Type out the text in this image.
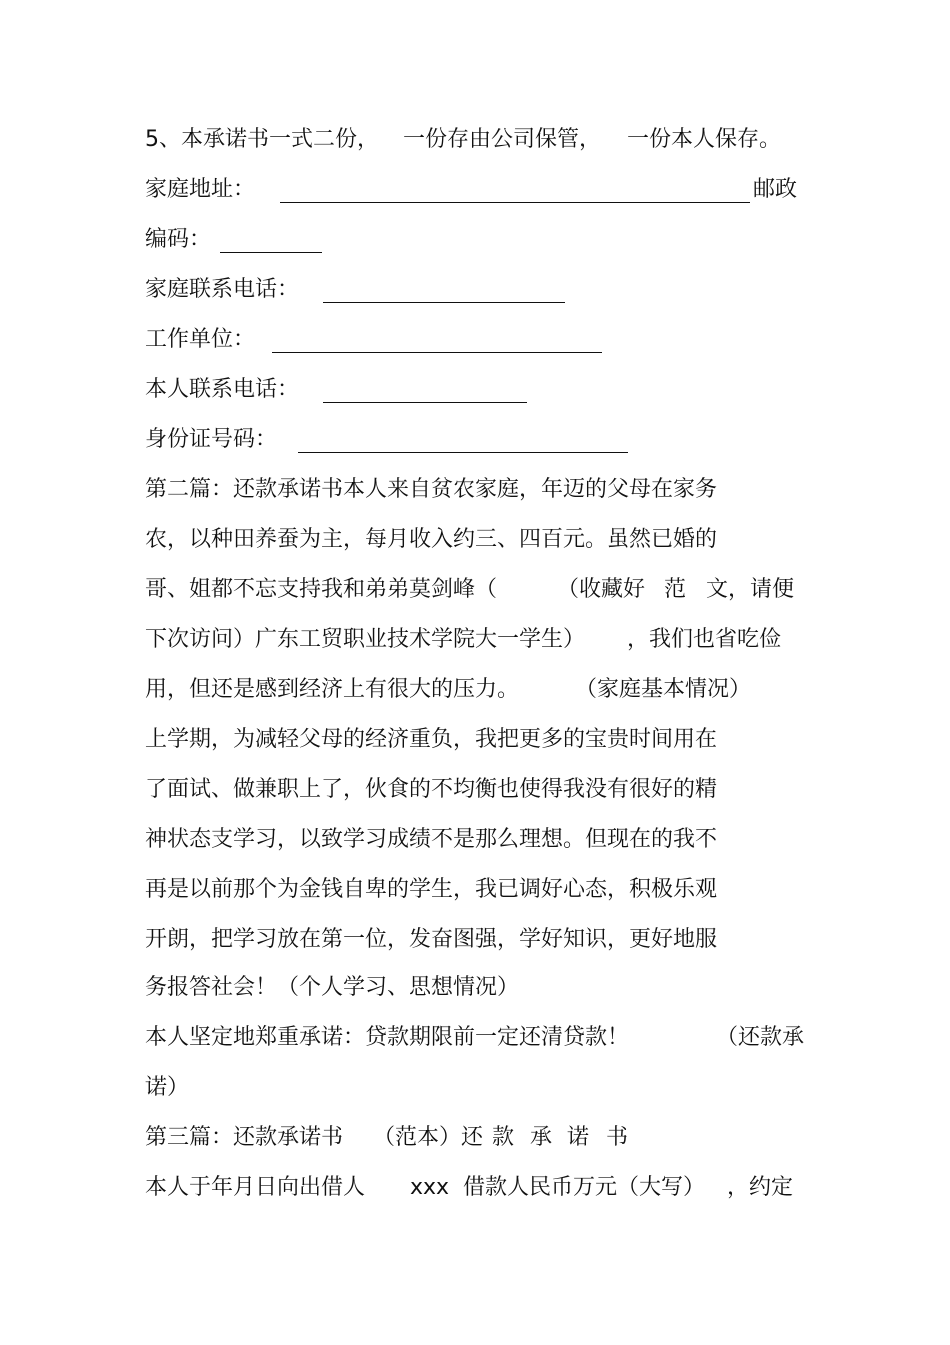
5、本承诺书一式二份， 一份存由公司保管， 一份本人保存。
家庭地址：	邮政
编码：
家庭联系电话：
工作单位：
本人联系电话：
身份证号码：
第二篇：还款承诺书本人来自贫农家庭，年迈的父母在家务
农，以种田养蚕为主，每月收入约三、四百元。虽然已婚的
哥、姐都不忘支持我和弟弟莫剑峰（	（收藏好 范 文，请便
下次访问）广东工贸职业技术学院大一学生） ，我们也省吃俭
用，但还是感到经济上有很大的压力。	（家庭基本情况）
上学期，为减轻父母的经济重负，我把更多的宝贵时间用在
了面试、做兼职上了，伙食的不均衡也使得我没有很好的精
神状态支学习，以致学习成绩不是那么理想。但现在的我不
再是以前那个为金钱自卑的学生，我已调好心态，积极乐观
开朗，把学习放在第一位，发奋图强，学好知识，更好地服
务报答社会！（个人学习、思想情况）
本人坚定地郑重承诺：贷款期限前一定还清贷款！	（还款承
诺）
第三篇：还款承诺书 （范本）还 款 承 诺 书
本人于年月日向出借人 xxx 借款人民币万元（大写） ，约定
